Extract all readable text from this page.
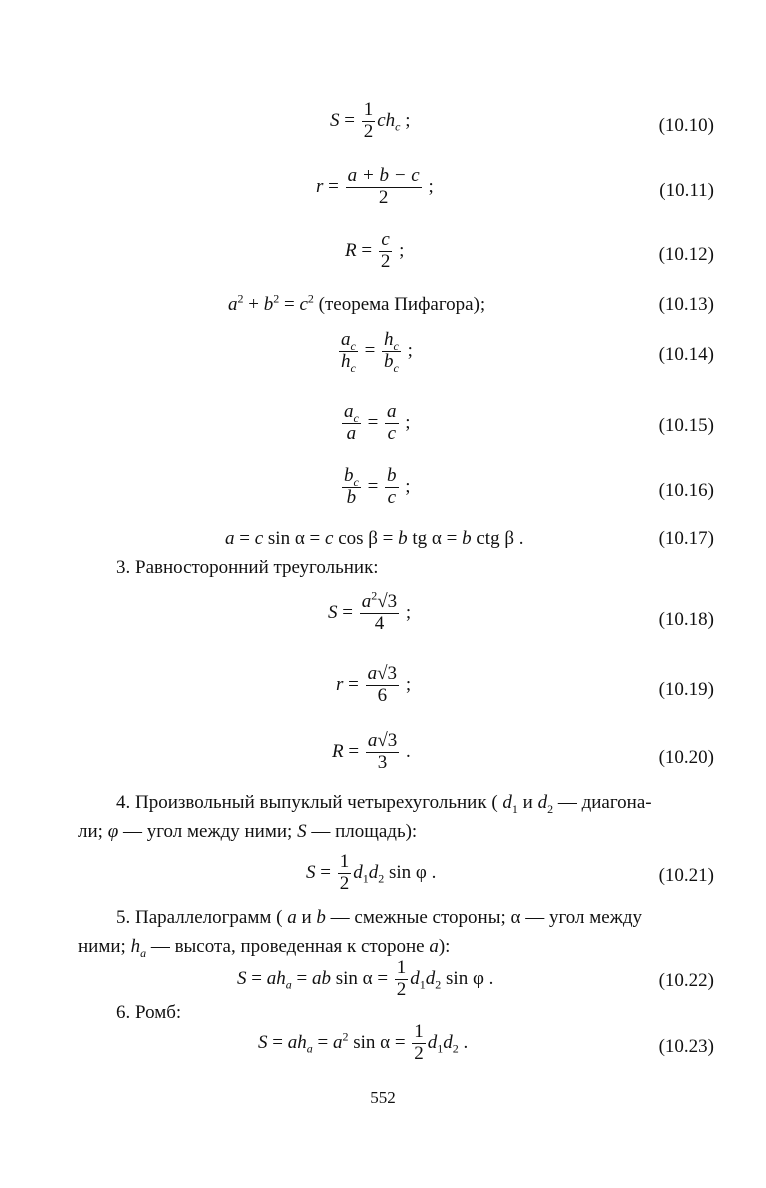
$S = \frac{1}{2} ch_c$ ;	(10.10)
$r = \frac{a + b - c}{2}$ ;	(10.11)
$R = \frac{c}{2}$ ;	(10.12)
$a^2 + b^2 = c^2$ (теорема Пифагора);	(10.13)
$\frac{a_c}{h_c} = \frac{h_c}{b_c}$ ;	(10.14)
$\frac{a_c}{a} = \frac{a}{c}$ ;	(10.15)
$\frac{b_c}{b} = \frac{b}{c}$ ;	(10.16)
a = c sin α = c cos β = b tg α = b ctg β .	(10.17)
3. Равносторонний треугольник:
$S = \frac{a^2√3}{4}$ ;	(10.18)
$r = \frac{a√3}{6}$ ;	(10.19)
$R = \frac{a√3}{3}$ .	(10.20)
4. Произвольный выпуклый четырехугольник ( $d_1$ и $d_2$ — диагона-
ли; φ — угол между ними; S — площадь):
$S = \frac{1}{2} d_1d_2$ sin φ .	(10.21)
5. Параллелограмм ( a и b — смежные стороны; α — угол между
ними; $h_a$ — высота, проведенная к стороне a):
$S = ah_a$ = ab $\sin \alpha = \frac{1}{2} d_1d_2$ sin φ .	(10.22)
6. Ромб:
$S = ah_a = a^2$ $\sin \alpha = \frac{1}{2} d_1d_2$ .	(10.23)
552
